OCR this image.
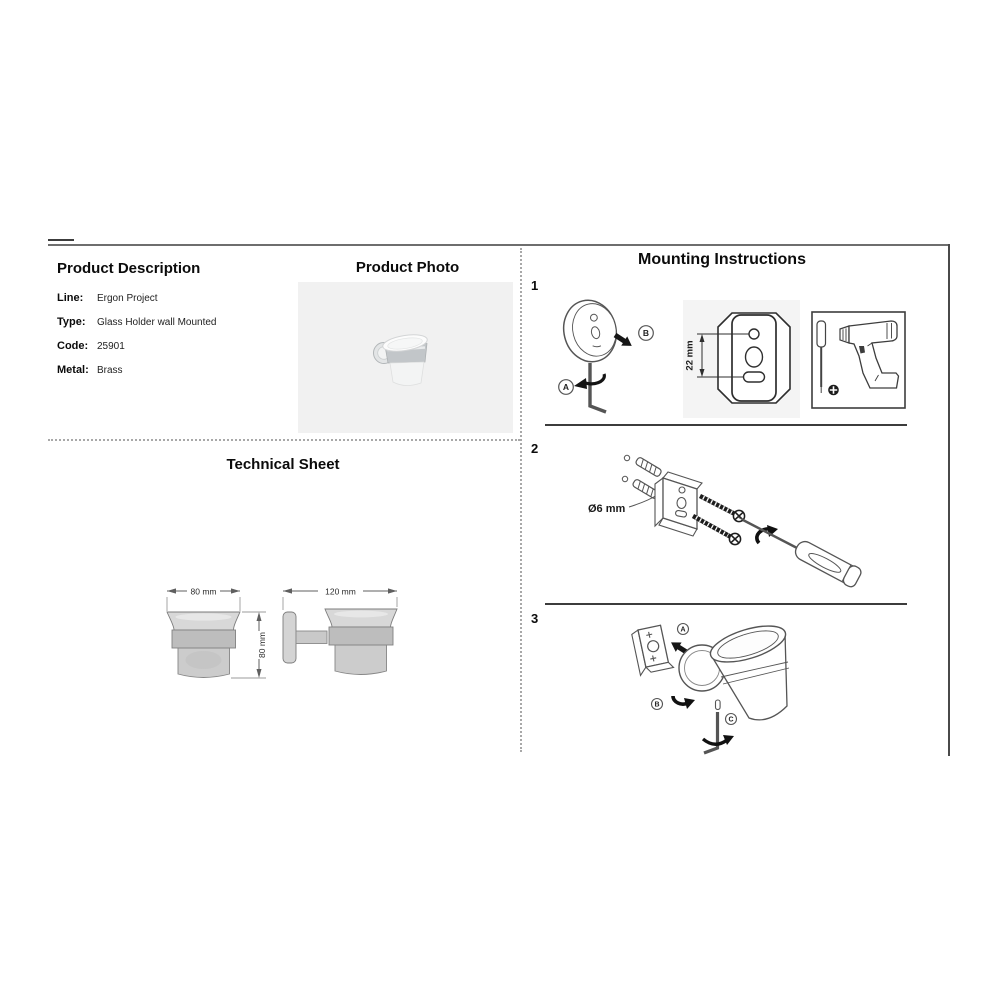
Product Description
Line: Ergon Project
Type: Glass Holder wall Mounted
Code: 25901
Metal: Brass
Product Photo
Technical Sheet
80 mm
80 mm
120 mm
Mounting Instructions
1
2
3
B
A
22 mm
Ø6 mm
A
B
C
